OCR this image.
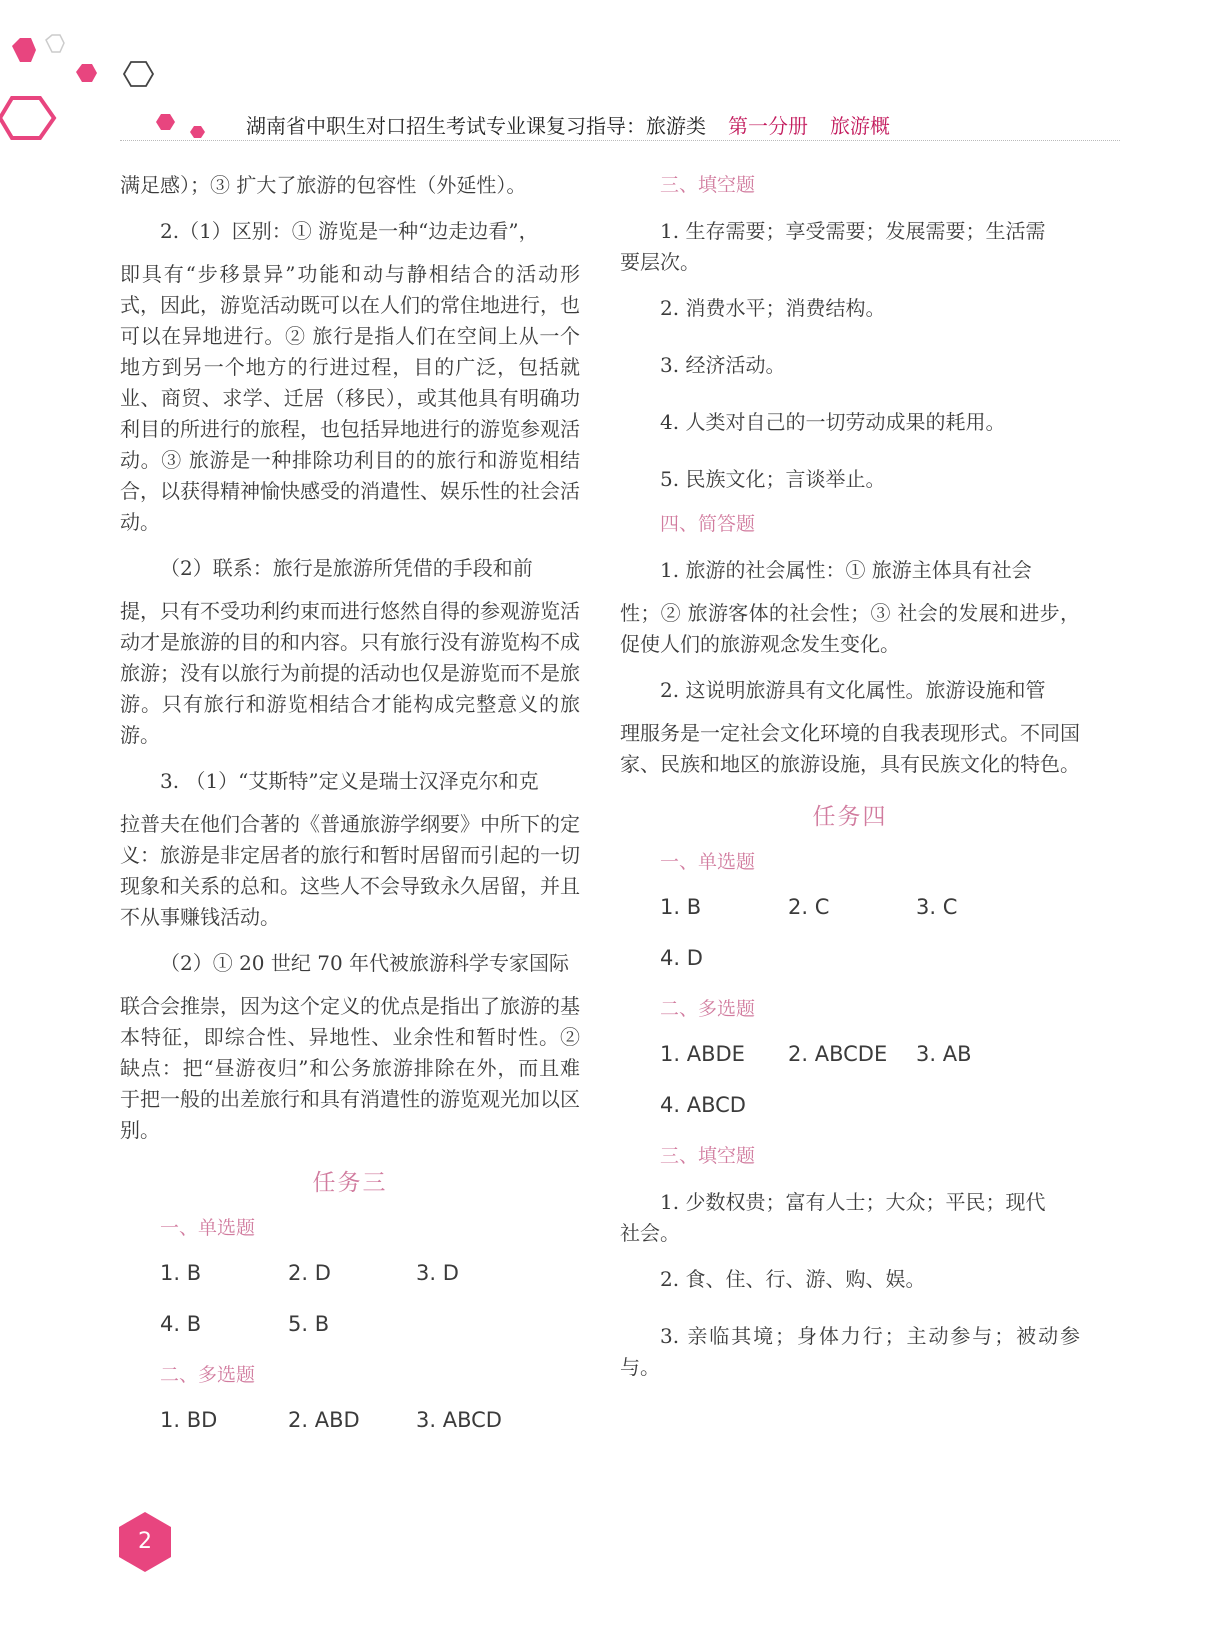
湖南省中职生对口招生考试专业课复习指导：旅游类 第一分册 旅游概

满足感）；③ 扩大了旅游的包容性（外延性）。

2.（1）区别：① 游览是一种“边走边看”，

即具有“步移景异”功能和动与静相结合的活动形式，因此，游览活动既可以在人们的常住地进行，也可以在异地进行。② 旅行是指人们在空间上从一个地方到另一个地方的行进过程，目的广泛，包括就业、商贸、求学、迁居（移民），或其他具有明确功利目的所进行的旅程，也包括异地进行的游览参观活动。③ 旅游是一种排除功利目的的旅行和游览相结合，以获得精神愉快感受的消遣性、娱乐性的社会活动。

（2）联系：旅行是旅游所凭借的手段和前

提，只有不受功利约束而进行悠然自得的参观游览活动才是旅游的目的和内容。只有旅行没有游览构不成旅游；没有以旅行为前提的活动也仅是游览而不是旅游。只有旅行和游览相结合才能构成完整意义的旅游。

3. （1）“艾斯特”定义是瑞士汉泽克尔和克

拉普夫在他们合著的《普通旅游学纲要》中所下的定义：旅游是非定居者的旅行和暂时居留而引起的一切现象和关系的总和。这些人不会导致永久居留，并且不从事赚钱活动。

（2）① 20 世纪 70 年代被旅游科学专家国际

联合会推崇，因为这个定义的优点是指出了旅游的基本特征，即综合性、异地性、业余性和暂时性。② 缺点：把“昼游夜归”和公务旅游排除在外，而且难于把一般的出差旅行和具有消遣性的游览观光加以区别。

任务三
一、单选题
1. B	2. D	3. D
4. B	5. B
二、多选题
1. BD	2. ABD	3. ABCD
三、填空题

1. 生存需要；享受需要；发展需要；生活需

要层次。

2. 消费水平；消费结构。

3. 经济活动。

4. 人类对自己的一切劳动成果的耗用。

5. 民族文化；言谈举止。

四、简答题

1. 旅游的社会属性：① 旅游主体具有社会

性；② 旅游客体的社会性；③ 社会的发展和进步，促使人们的旅游观念发生变化。

2. 这说明旅游具有文化属性。旅游设施和管

理服务是一定社会文化环境的自我表现形式。不同国家、民族和地区的旅游设施，具有民族文化的特色。

任务四
一、单选题
1. B	2. C	3. C
4. D
二、多选题
1. ABDE	2. ABCDE	3. AB
4. ABCD
三、填空题

1. 少数权贵；富有人士；大众；平民；现代

社会。

2. 食、住、行、游、购、娱。

3. 亲临其境；身体力行；主动参与；被动参与。

2
